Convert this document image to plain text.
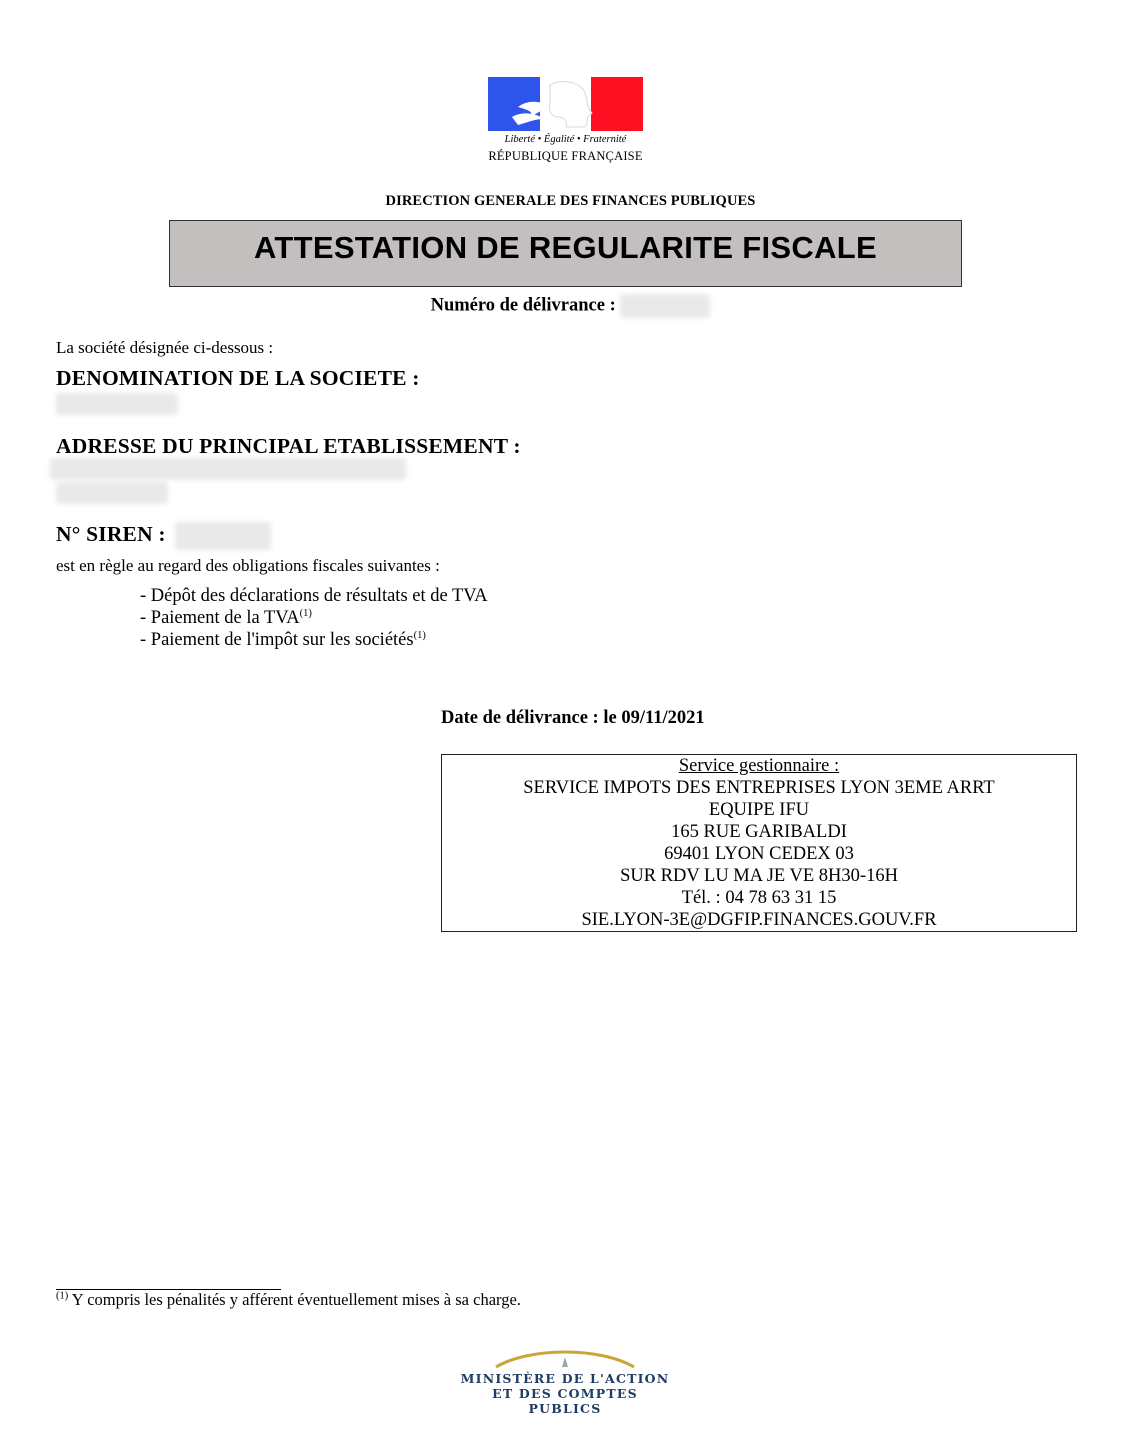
Liberté • Égalité • Fraternité
RÉPUBLIQUE FRANÇAISE
DIRECTION GENERALE DES FINANCES PUBLIQUES
ATTESTATION DE REGULARITE FISCALE
Numéro de délivrance :
La société désignée ci-dessous :
DENOMINATION DE LA SOCIETE :
ADRESSE DU PRINCIPAL ETABLISSEMENT :
N° SIREN :
est en règle au regard des obligations fiscales suivantes :
- Dépôt des déclarations de résultats et de TVA
- Paiement de la TVA$^{(1)}$
- Paiement de l'impôt sur les sociétés$^{(1)}$
Date de délivrance : le 09/11/2021
Service gestionnaire :
SERVICE IMPOTS DES ENTREPRISES LYON 3EME ARRT
EQUIPE IFU
165 RUE GARIBALDI
69401 LYON CEDEX 03
SUR RDV LU MA JE VE 8H30-16H
Tél. : 04 78 63 31 15
SIE.LYON-3E@DGFIP.FINANCES.GOUV.FR
$^{(1)}$ Y compris les pénalités y afférent éventuellement mises à sa charge.
MINISTÈRE DE L'ACTION
ET DES COMPTES PUBLICS
